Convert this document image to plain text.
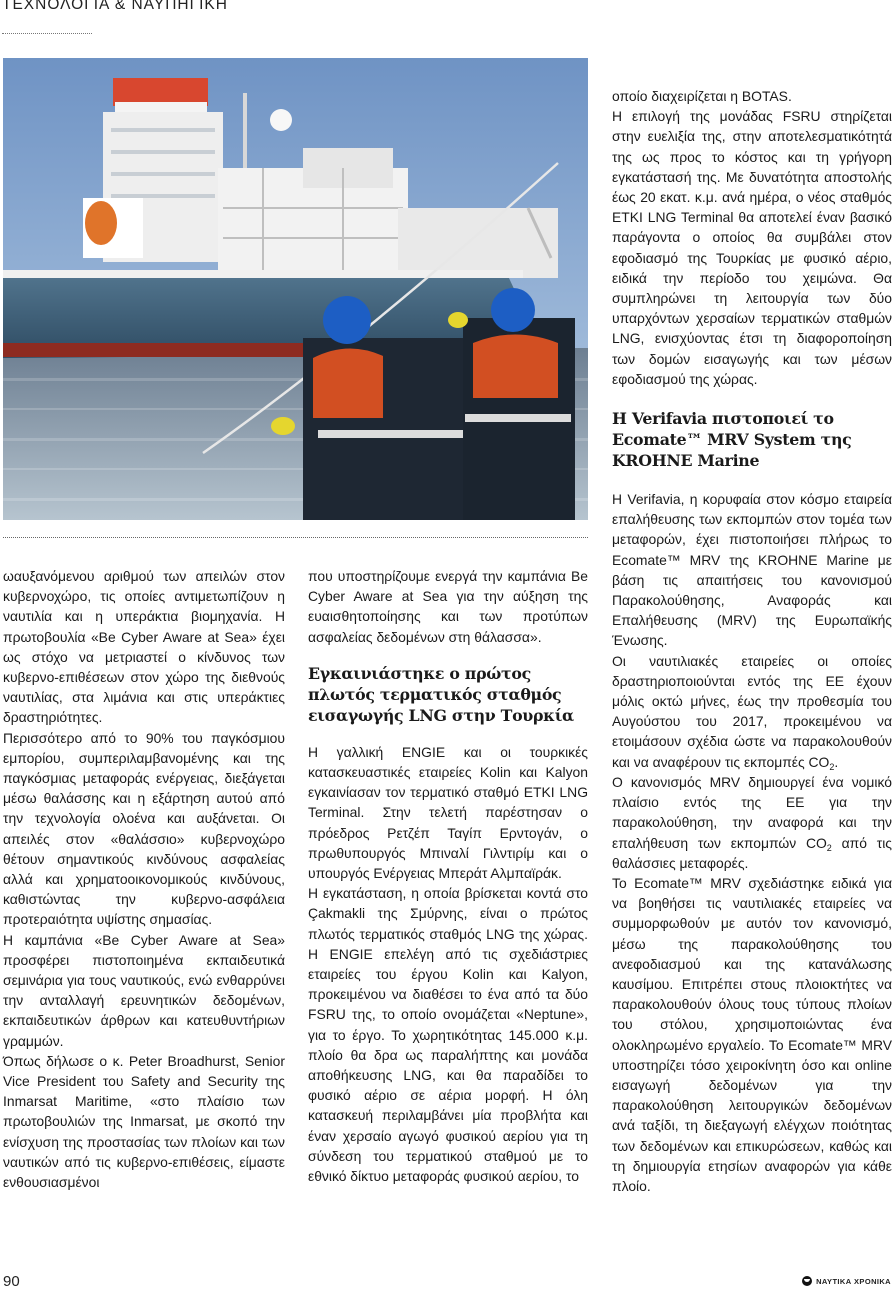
ΤΕΧΝΟΛΟΓΙΑ & ΝΑΥΠΗΓΙΚΗ

ωαυξανόμενου αριθμού των απειλών στον κυβερνοχώρο, τις οποίες αντιμετωπίζουν η ναυτιλία και η υπεράκτια βιομηχανία. Η πρωτοβουλία «Be Cyber Aware at Sea» έχει ως στόχο να μετριαστεί ο κίνδυνος των κυβερνο-επιθέσεων στον χώρο της διεθνούς ναυτιλίας, στα λιμάνια και στις υπεράκτιες δραστηριότητες.

Περισσότερο από το 90% του παγκόσμιου εμπορίου, συμπεριλαμβανομένης και της παγκόσμιας μεταφοράς ενέργειας, διεξάγεται μέσω θαλάσσης και η εξάρτηση αυτού από την τεχνολογία ολοένα και αυξάνεται. Οι απειλές στον «θαλάσσιο» κυβερνοχώρο θέτουν σημαντικούς κινδύνους ασφαλείας αλλά και χρηματοοικονομικούς κινδύνους, καθιστώντας την κυβερνο-ασφάλεια προτεραιότητα υψίστης σημασίας.

Η καμπάνια «Be Cyber Aware at Sea» προσφέρει πιστοποιημένα εκπαιδευτικά σεμινάρια για τους ναυτικούς, ενώ ενθαρρύνει την ανταλλαγή ερευνητικών δεδομένων, εκπαιδευτικών άρθρων και κατευθυντήριων γραμμών.

Όπως δήλωσε ο κ. Peter Broadhurst, Senior Vice President του Safety and Security της Inmarsat Maritime, «στο πλαίσιο των πρωτοβουλιών της Inmarsat, με σκοπό την ενίσχυση της προστασίας των πλοίων και των ναυτικών από τις κυβερνο-επιθέσεις, είμαστε ενθουσιασμένοι

που υποστηρίζουμε ενεργά την καμπάνια Be Cyber Aware at Sea για την αύξηση της ευαισθητοποίησης και των προτύπων ασφαλείας δεδομένων στη θάλασσα».

Εγκαινιάστηκε ο πρώτος πλωτός τερματικός σταθμός εισαγωγής LNG στην Τουρκία

Η γαλλική ENGIE και οι τουρκικές κατασκευαστικές εταιρείες Kolin και Kalyon εγκαινίασαν τον τερματικό σταθμό ETKI LNG Terminal. Στην τελετή παρέστησαν ο πρόεδρος Ρετζέπ Ταγίπ Ερντογάν, ο πρωθυπουργός Μπιναλί Γιλντιρίμ και ο υπουργός Ενέργειας Μπεράτ Αλμπαϊράκ.

Η εγκατάσταση, η οποία βρίσκεται κοντά στο Çakmakli της Σμύρνης, είναι ο πρώτος πλωτός τερματικός σταθμός LNG της χώρας. Η ENGIE επελέγη από τις σχεδιάστριες εταιρείες του έργου Kolin και Kalyon, προκειμένου να διαθέσει το ένα από τα δύο FSRU της, το οποίο ονομάζεται «Neptune», για το έργο. Το χωρητικότητας 145.000 κ.μ. πλοίο θα δρα ως παραλήπτης και μονάδα αποθήκευσης LNG, και θα παραδίδει το φυσικό αέριο σε αέρια μορφή. Η όλη κατασκευή περιλαμβάνει μία προβλήτα και έναν χερσαίο αγωγό φυσικού αερίου για τη σύνδεση του τερματικού σταθμού με το εθνικό δίκτυο μεταφοράς φυσικού αερίου, το

οποίο διαχειρίζεται η BOTAS.

Η επιλογή της μονάδας FSRU στηρίζεται στην ευελιξία της, στην αποτελεσματικότητά της ως προς το κόστος και τη γρήγορη εγκατάστασή της. Με δυνατότητα αποστολής έως 20 εκατ. κ.μ. ανά ημέρα, ο νέος σταθμός ETKI LNG Terminal θα αποτελεί έναν βασικό παράγοντα ο οποίος θα συμβάλει στον εφοδιασμό της Τουρκίας με φυσικό αέριο, ειδικά την περίοδο του χειμώνα. Θα συμπληρώνει τη λειτουργία των δύο υπαρχόντων χερσαίων τερματικών σταθμών LNG, ενισχύοντας έτσι τη διαφοροποίηση των δομών εισαγωγής και των μέσων εφοδιασμού της χώρας.

Η Verifavia πιστοποιεί το Ecomate™ MRV System της KROHNE Marine

Η Verifavia, η κορυφαία στον κόσμο εταιρεία επαλήθευσης των εκπομπών στον τομέα των μεταφορών, έχει πιστοποιήσει πλήρως το Ecomate™ MRV της KROHNE Marine με βάση τις απαιτήσεις του κανονισμού Παρακολούθησης, Αναφοράς και Επαλήθευσης (MRV) της Ευρωπαϊκής Ένωσης.

Οι ναυτιλιακές εταιρείες οι οποίες δραστηριοποιούνται εντός της ΕΕ έχουν μόλις οκτώ μήνες, έως την προθεσμία του Αυγούστου του 2017, προκειμένου να ετοιμάσουν σχέδια ώστε να παρακολουθούν και να αναφέρουν τις εκπομπές $CO_2$.

Ο κανονισμός MRV δημιουργεί ένα νομικό πλαίσιο εντός της ΕΕ για την παρακολούθηση, την αναφορά και την επαλήθευση των εκπομπών $CO_2$ από τις θαλάσσιες μεταφορές.

Το Ecomate™ MRV σχεδιάστηκε ειδικά για να βοηθήσει τις ναυτιλιακές εταιρείες να συμμορφωθούν με αυτόν τον κανονισμό, μέσω της παρακολούθησης του ανεφοδιασμού και της κατανάλωσης καυσίμου. Επιτρέπει στους πλοιοκτήτες να παρακολουθούν όλους τους τύπους πλοίων του στόλου, χρησιμοποιώντας ένα ολοκληρωμένο εργαλείο. Το Ecomate™ MRV υποστηρίζει τόσο χειροκίνητη όσο και online εισαγωγή δεδομένων για την παρακολούθηση λειτουργικών δεδομένων ανά ταξίδι, τη διεξαγωγή ελέγχων ποιότητας των δεδομένων και επικυρώσεων, καθώς και τη δημιουργία ετησίων αναφορών για κάθε πλοίο.

90	ΝΑΥΤΙΚΑ ΧΡΟΝΙΚΑ
